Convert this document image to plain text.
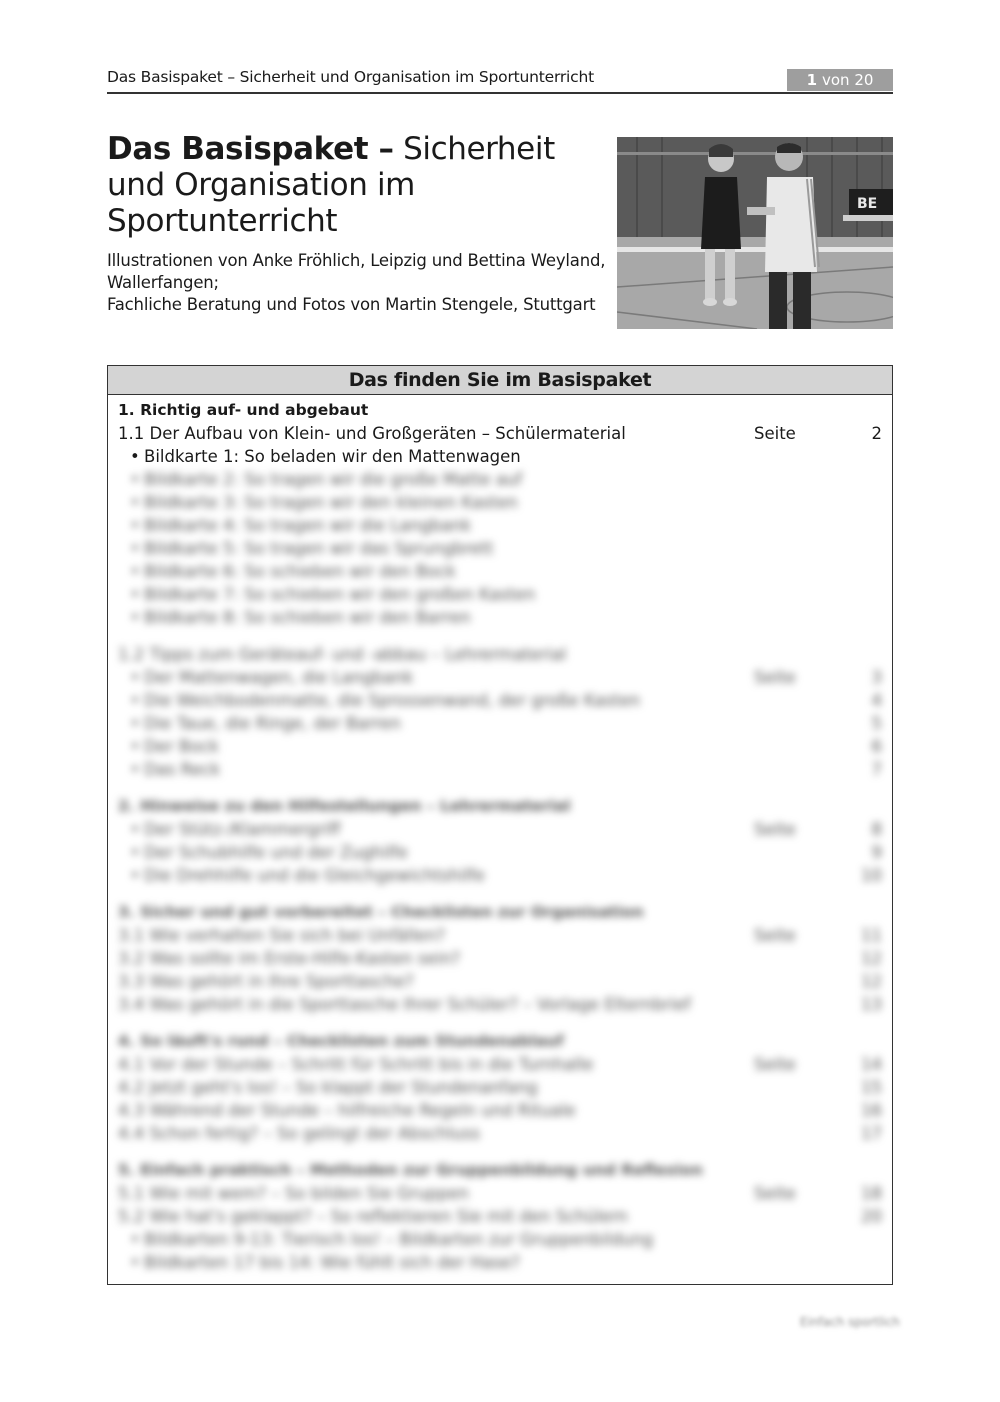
Das Basispaket – Sicherheit und Organisation im Sportunterricht	1 von 20
Das Basispaket – Sicherheit und Organisation im Sportunterricht
Illustrationen von Anke Fröhlich, Leipzig und Bettina Weyland, Wallerfangen;
Fachliche Beratung und Fotos von Martin Stengele, Stuttgart
BE
Das finden Sie im Basispaket
1. Richtig auf- und abgebaut
1.1 Der Aufbau von Klein- und Großgeräten – Schülermaterial	Seite	2
• Bildkarte 1: So beladen wir den Mattenwagen
• Bildkarte 2: So tragen wir die große Matte auf
• Bildkarte 3: So tragen wir den kleinen Kasten
• Bildkarte 4: So tragen wir die Langbank
• Bildkarte 5: So tragen wir das Sprungbrett
• Bildkarte 6: So schieben wir den Bock
• Bildkarte 7: So schieben wir den großen Kasten
• Bildkarte 8: So schieben wir den Barren
1.2 Tipps zum Geräteauf- und -abbau – Lehrermaterial
• Der Mattenwagen, die Langbank	Seite	3
• Die Weichbodenmatte, die Sprossenwand, der große Kasten	4
• Die Taue, die Ringe, der Barren	5
• Der Bock	6
• Das Reck	7
2. Hinweise zu den Hilfestellungen – Lehrermaterial
• Der Stütz-/Klammergriff	Seite	8
• Der Schubhilfe und der Zughilfe	9
• Die Drehhilfe und die Gleichgewichtshilfe	10
3. Sicher und gut vorbereitet – Checklisten zur Organisation
3.1 Wie verhalten Sie sich bei Unfällen?	Seite	11
3.2 Was sollte im Erste-Hilfe-Kasten sein?	12
3.3 Was gehört in Ihre Sporttasche?	12
3.4 Was gehört in die Sporttasche Ihrer Schüler? – Vorlage Elternbrief	13
4. So läuft's rund – Checklisten zum Stundenablauf
4.1 Vor der Stunde – Schritt für Schritt bis in die Turnhalle	Seite	14
4.2 Jetzt geht's los! – So klappt der Stundenanfang	15
4.3 Während der Stunde – hilfreiche Regeln und Rituale	16
4.4 Schon fertig? – So gelingt der Abschluss	17
5. Einfach praktisch – Methoden zur Gruppenbildung und Reflexion
5.1 Wie mit wem? – So bilden Sie Gruppen	Seite	18
5.2 Wie hat's geklappt? – So reflektieren Sie mit den Schülern	20
• Bildkarten 9-13: Tierisch los! – Bildkarten zur Gruppenbildung
• Bildkarten 17 bis 14: Wie fühlt sich der Hase?
Einfach sportlich
